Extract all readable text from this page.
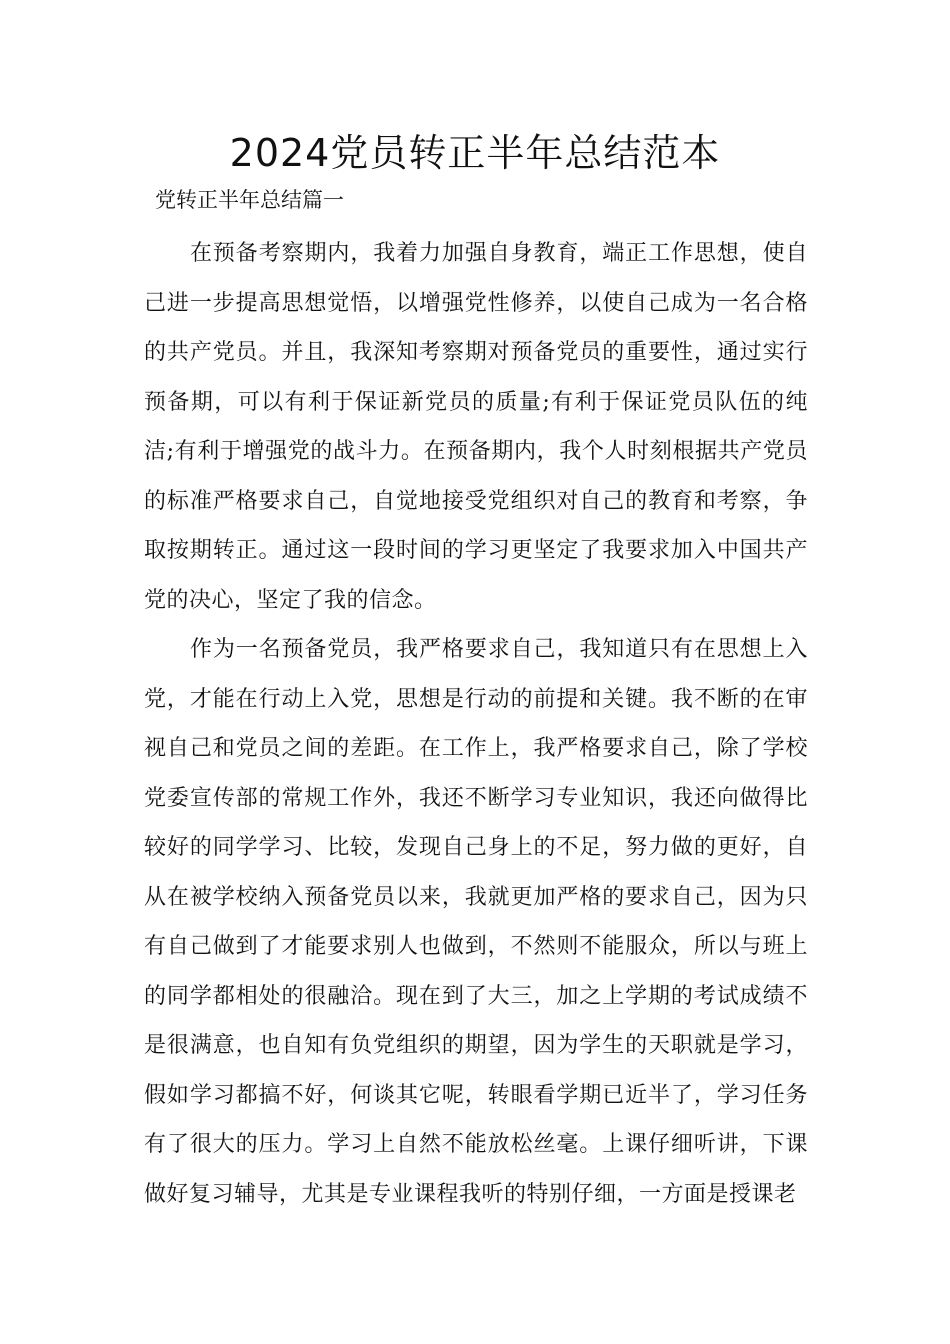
2024党员转正半年总结范本
党转正半年总结篇一

在预备考察期内，我着力加强自身教育，端正工作思想，使自己进一步提高思想觉悟，以增强党性修养，以使自己成为一名合格的共产党员。并且，我深知考察期对预备党员的重要性，通过实行预备期，可以有利于保证新党员的质量;有利于保证党员队伍的纯洁;有利于增强党的战斗力。在预备期内，我个人时刻根据共产党员的标准严格要求自己，自觉地接受党组织对自己的教育和考察，争取按期转正。通过这一段时间的学习更坚定了我要求加入中国共产党的决心，坚定了我的信念。

作为一名预备党员，我严格要求自己，我知道只有在思想上入党，才能在行动上入党，思想是行动的前提和关键。我不断的在审视自己和党员之间的差距。在工作上，我严格要求自己，除了学校党委宣传部的常规工作外，我还不断学习专业知识，我还向做得比较好的同学学习、比较，发现自己身上的不足，努力做的更好，自从在被学校纳入预备党员以来，我就更加严格的要求自己，因为只有自己做到了才能要求别人也做到，不然则不能服众，所以与班上的同学都相处的很融洽。现在到了大三，加之上学期的考试成绩不是很满意，也自知有负党组织的期望，因为学生的天职就是学习，假如学习都搞不好，何谈其它呢，转眼看学期已近半了，学习任务有了很大的压力。学习上自然不能放松丝毫。上课仔细听讲，下课做好复习辅导，尤其是专业课程我听的特别仔细，一方面是授课老
